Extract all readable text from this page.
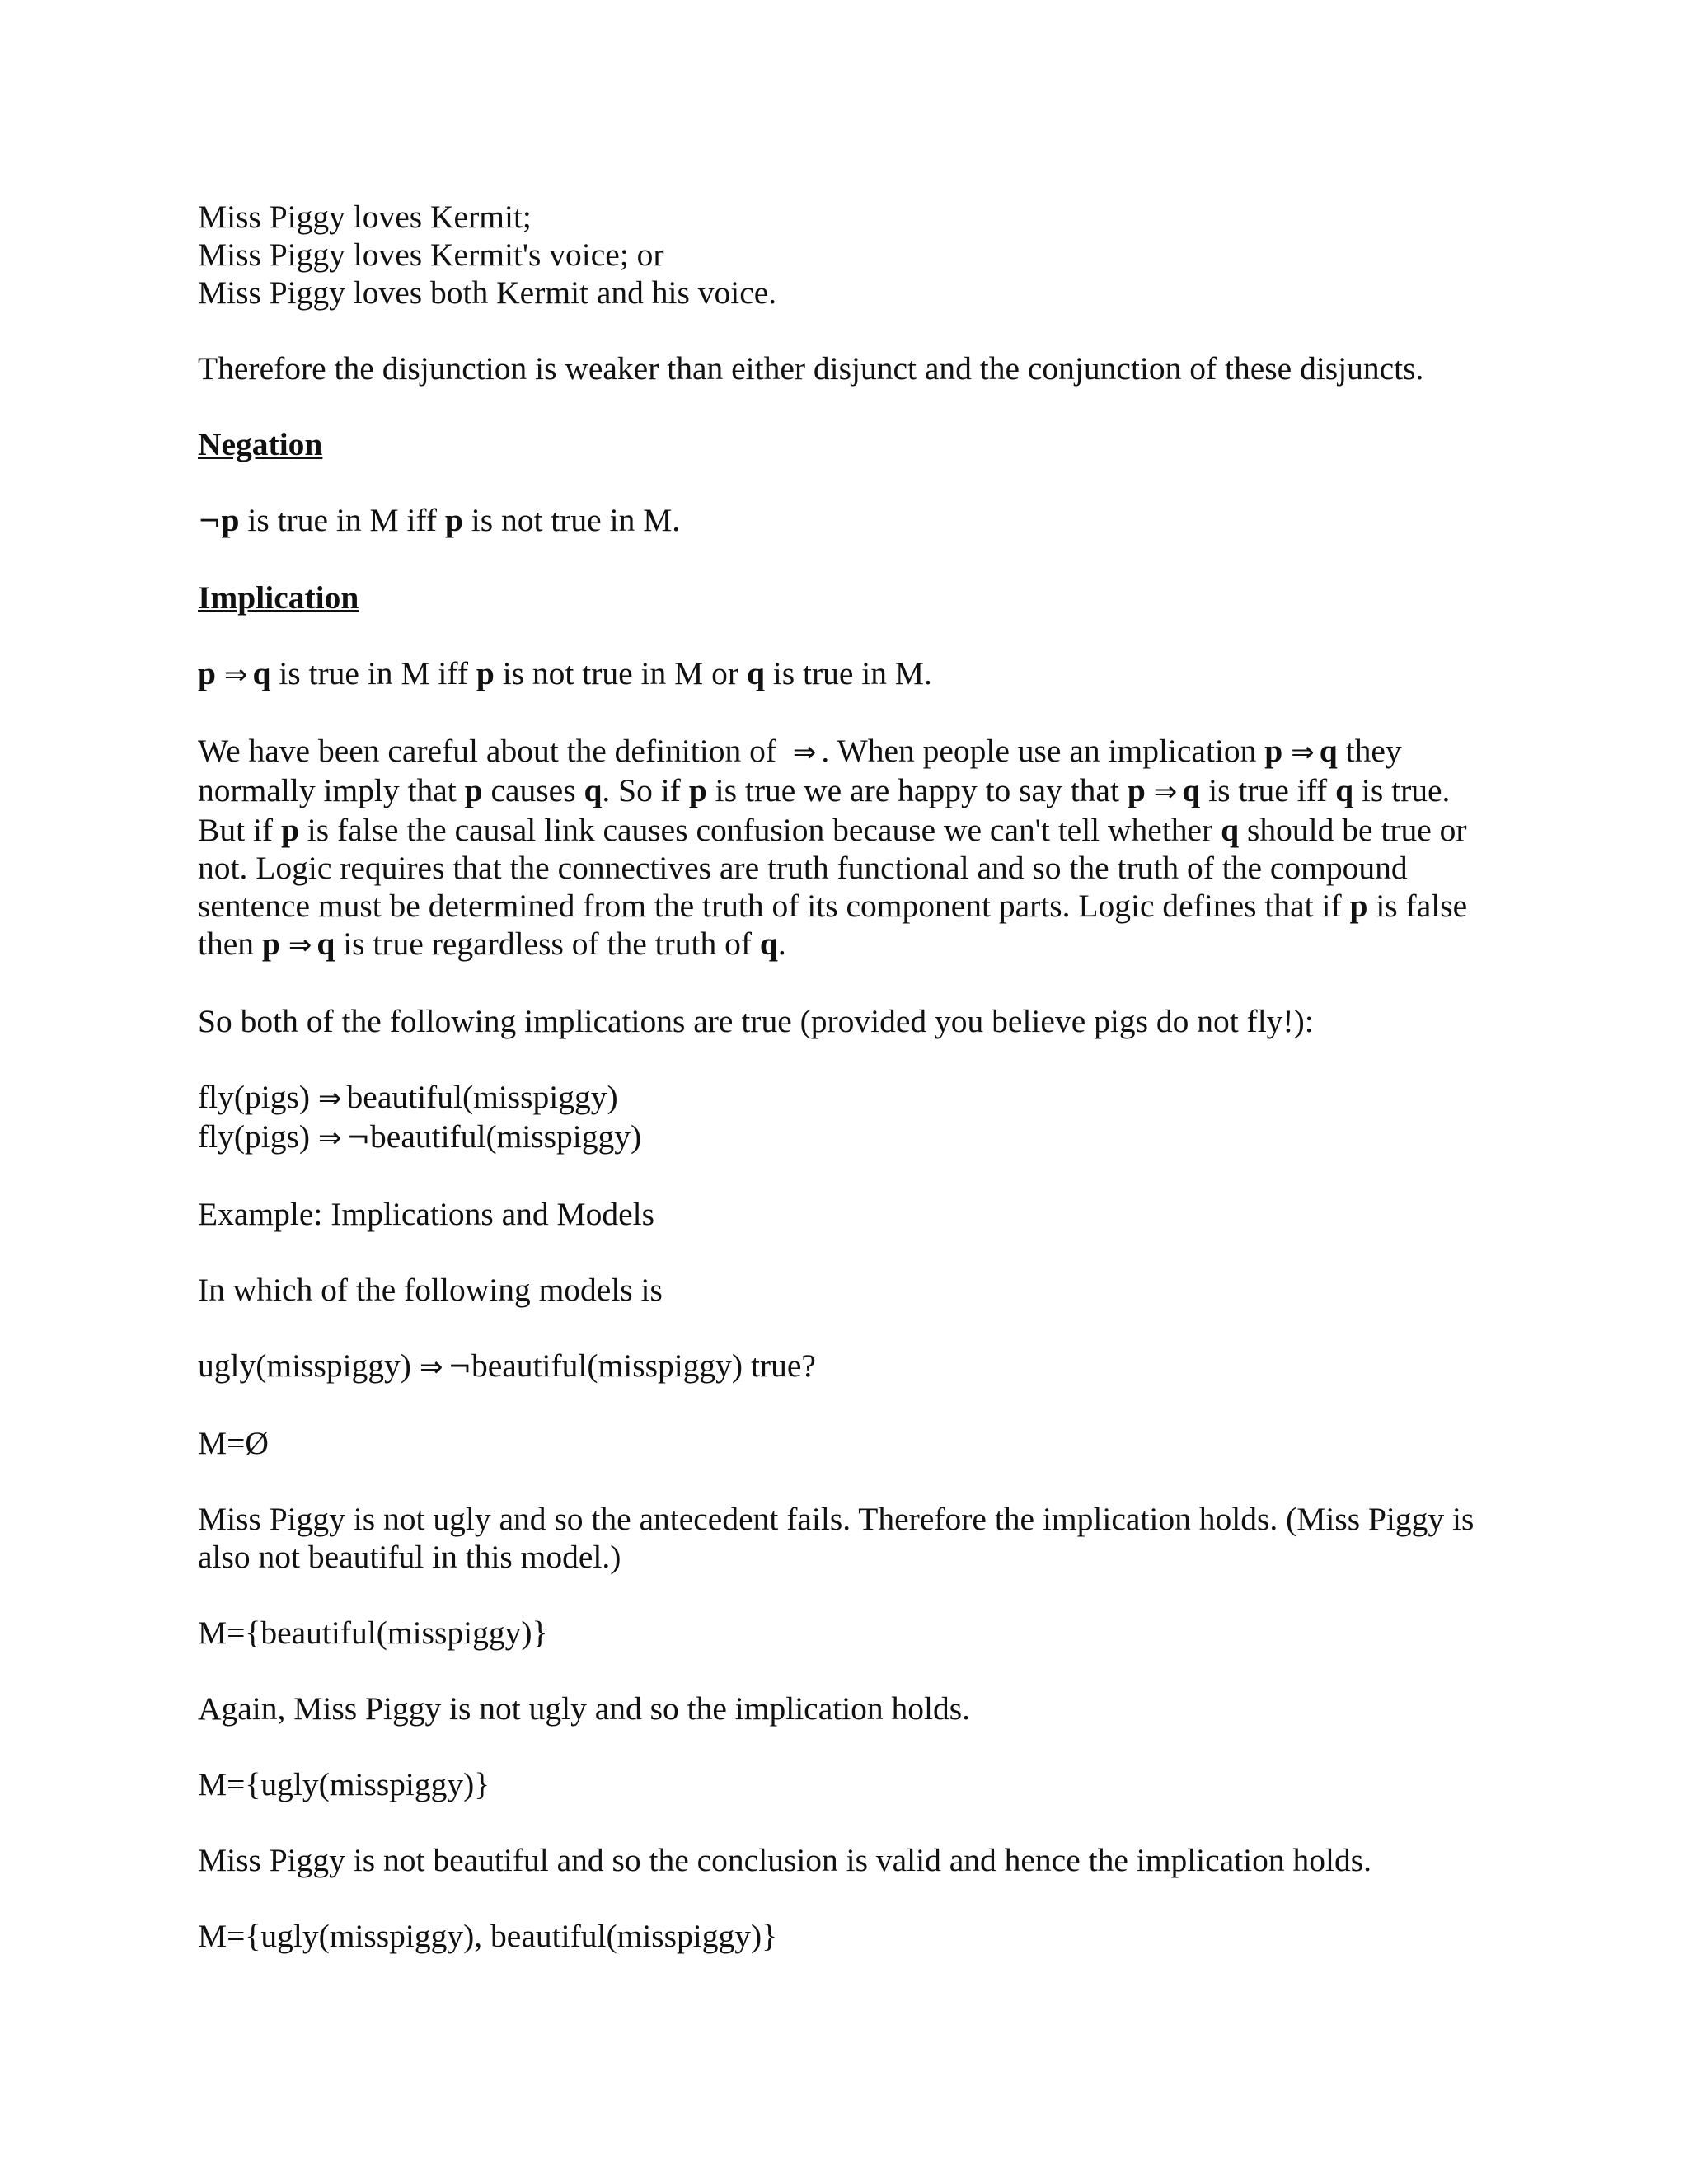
Miss Piggy loves Kermit;
Miss Piggy loves Kermit's voice; or
Miss Piggy loves both Kermit and his voice.
Therefore the disjunction is weaker than either disjunct and the conjunction of these disjuncts.
Negation
¬p is true in M iff p is not true in M.
Implication
p ⇒ q is true in M iff p is not true in M or q is true in M.
We have been careful about the definition of ⇒ . When people use an implication p ⇒ q they normally imply that p causes q. So if p is true we are happy to say that p ⇒ q is true iff q is true. But if p is false the causal link causes confusion because we can't tell whether q should be true or not. Logic requires that the connectives are truth functional and so the truth of the compound sentence must be determined from the truth of its component parts. Logic defines that if p is false then p ⇒ q is true regardless of the truth of q.
So both of the following implications are true (provided you believe pigs do not fly!):
fly(pigs) ⇒ beautiful(misspiggy)
fly(pigs) ⇒ ¬beautiful(misspiggy)
Example: Implications and Models
In which of the following models is
ugly(misspiggy) ⇒ ¬beautiful(misspiggy) true?
M=Ø
Miss Piggy is not ugly and so the antecedent fails. Therefore the implication holds. (Miss Piggy is also not beautiful in this model.)
M={beautiful(misspiggy)}
Again, Miss Piggy is not ugly and so the implication holds.
M={ugly(misspiggy)}
Miss Piggy is not beautiful and so the conclusion is valid and hence the implication holds.
M={ugly(misspiggy), beautiful(misspiggy)}
